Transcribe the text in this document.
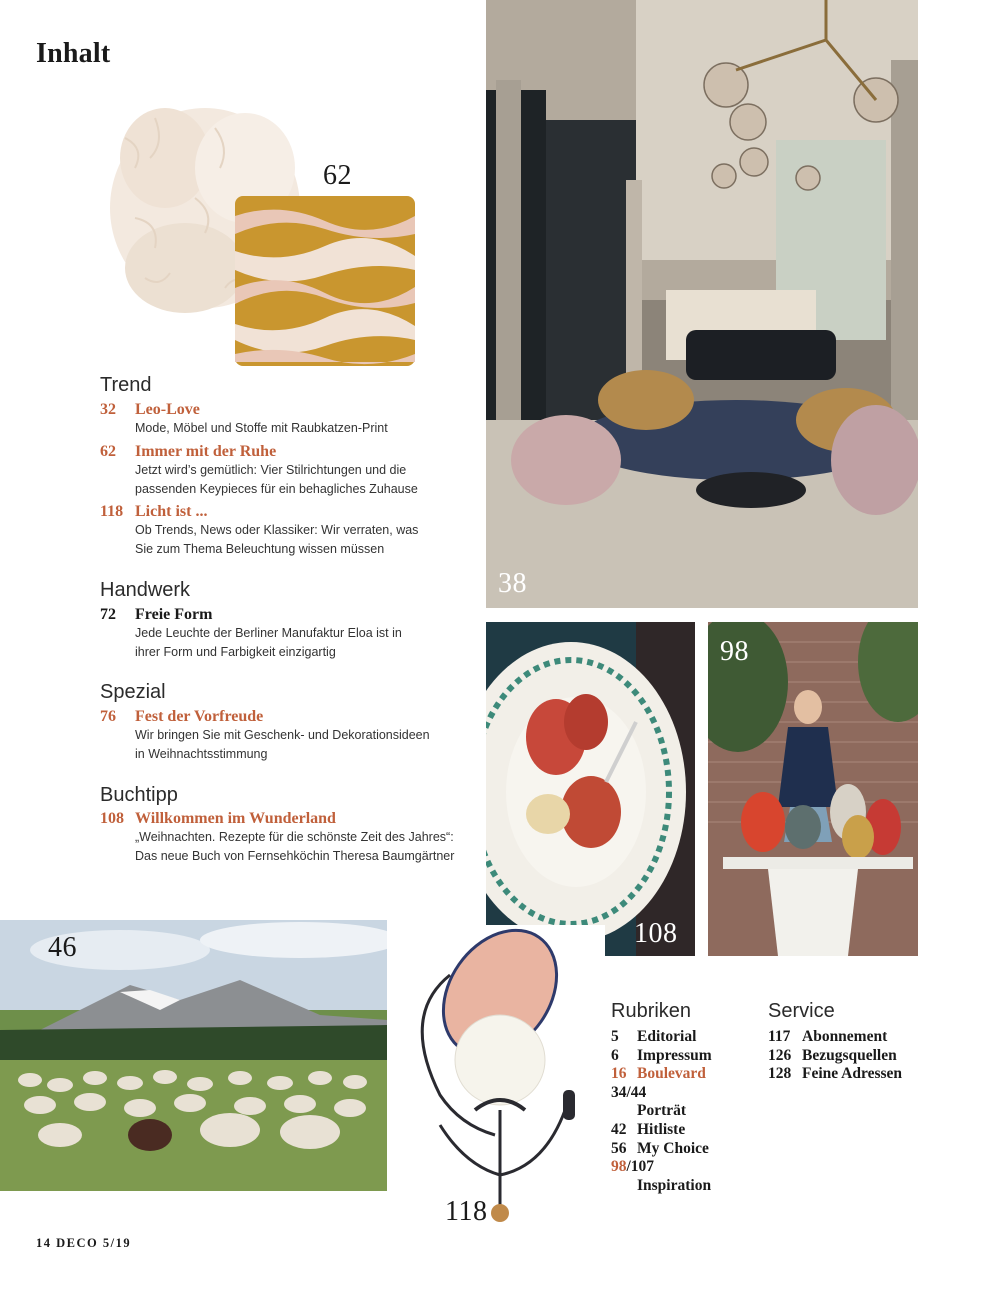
Inhalt
62
38
108
98
Trend
32	Leo-Love
Mode, Möbel und Stoffe mit Raubkatzen-Print
62	Immer mit der Ruhe
Jetzt wird’s gemütlich: Vier Stilrichtungen und die
passenden Keypieces für ein behagliches Zuhause
118 Licht ist ...
Ob Trends, News oder Klassiker: Wir verraten, was
Sie zum Thema Beleuchtung wissen müssen
Handwerk
72	Freie Form
Jede Leuchte der Berliner Manufaktur Eloa ist in
ihrer Form und Farbigkeit einzigartig
Spezial
76	Fest der Vorfreude
Wir bringen Sie mit Geschenk- und Dekorationsideen
in Weihnachtsstimmung
Buchtipp
108 Willkommen im Wunderland
„Weihnachten. Rezepte für die schönste Zeit des Jahres“:
Das neue Buch von Fernsehköchin Theresa Baumgärtner
46
118
Rubriken
5	Editorial
6	Impressum
16 Boulevard
34/44
Porträt
42 Hitliste
56 My Choice
98 /107
Inspiration
Service
117 Abonnement
126 Bezugsquellen
128 Feine Adressen
14 DECO 5/19
